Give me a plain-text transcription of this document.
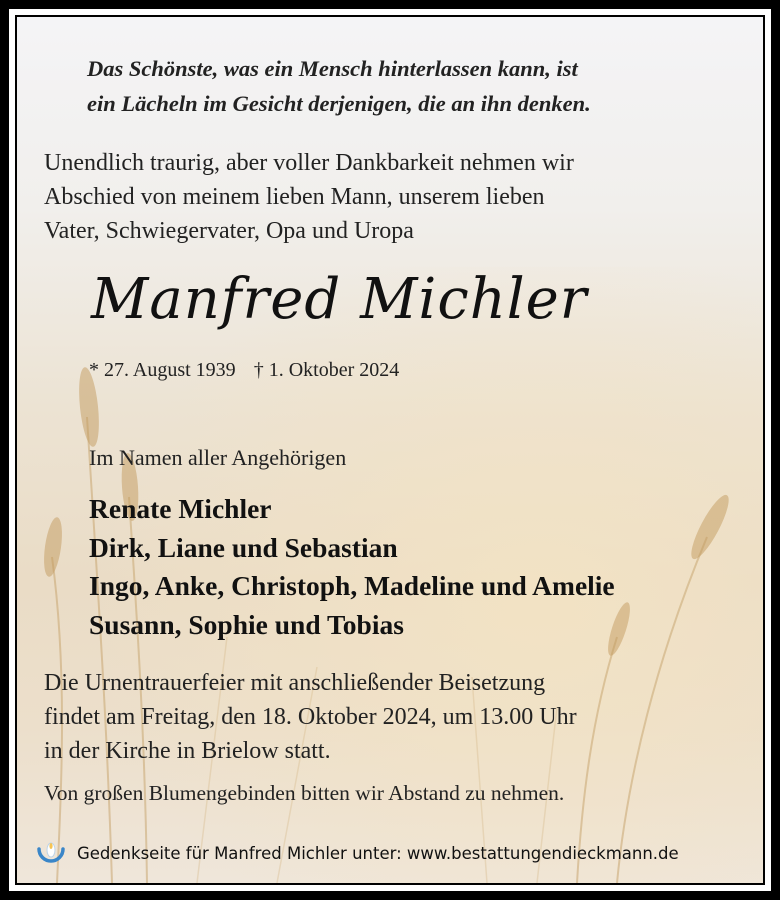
Das Schönste, was ein Mensch hinterlassen kann, ist
ein Lächeln im Gesicht derjenigen, die an ihn denken.
Unendlich traurig, aber voller Dankbarkeit nehmen wir
Abschied von meinem lieben Mann, unserem lieben
Vater, Schwiegervater, Opa und Uropa
Manfred Michler
* 27. August 1939 † 1. Oktober 2024
Im Namen aller Angehörigen
Renate Michler
Dirk, Liane und Sebastian
Ingo, Anke, Christoph, Madeline und Amelie
Susann, Sophie und Tobias
Die Urnentrauerfeier mit anschließender Beisetzung
findet am Freitag, den 18. Oktober 2024, um 13.00 Uhr
in der Kirche in Brielow statt.
Von großen Blumengebinden bitten wir Abstand zu nehmen.
Gedenkseite für Manfred Michler unter: www.bestattungendieckmann.de
